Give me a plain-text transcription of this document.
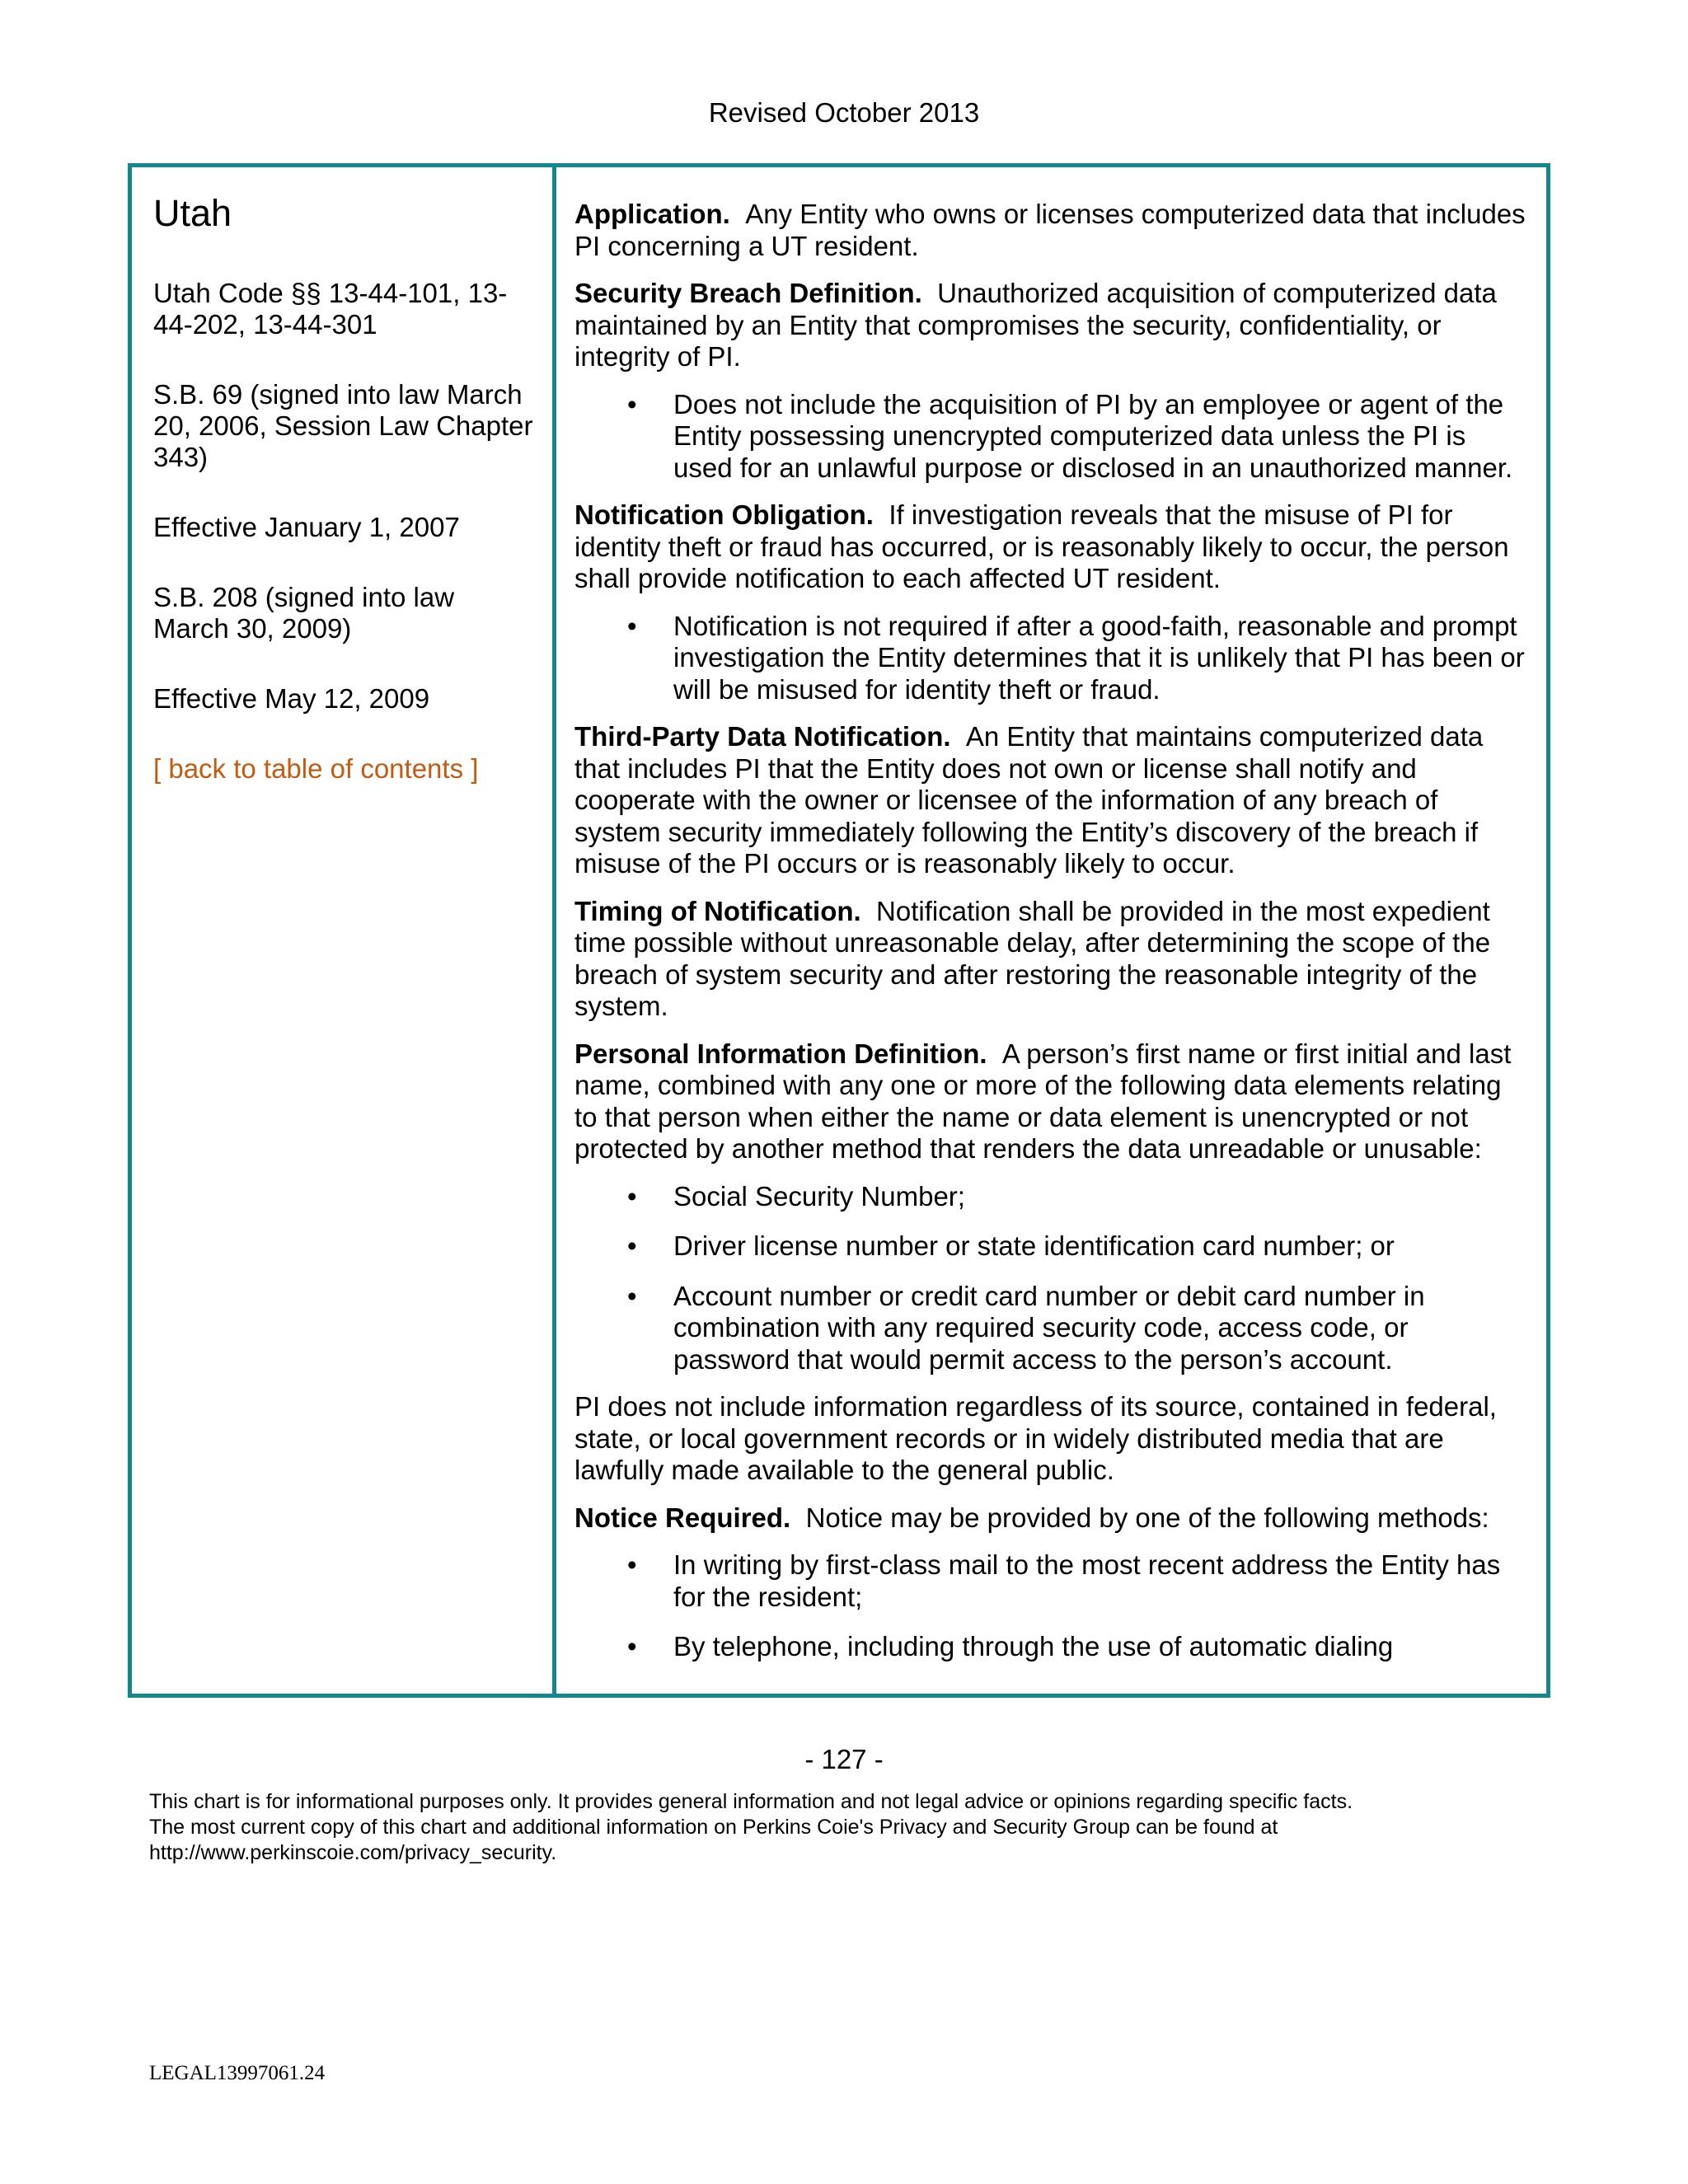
Revised October 2013
Utah
Utah Code §§ 13-44-101, 13-44-202, 13-44-301
S.B. 69 (signed into law March 20, 2006, Session Law Chapter 343)
Effective January 1, 2007
S.B. 208 (signed into law March 30, 2009)
Effective May 12, 2009
[ back to table of contents ]

Application. Any Entity who owns or licenses computerized data that includes PI concerning a UT resident.

Security Breach Definition. Unauthorized acquisition of computerized data maintained by an Entity that compromises the security, confidentiality, or integrity of PI.

• Does not include the acquisition of PI by an employee or agent of the Entity possessing unencrypted computerized data unless the PI is used for an unlawful purpose or disclosed in an unauthorized manner.

Notification Obligation. If investigation reveals that the misuse of PI for identity theft or fraud has occurred, or is reasonably likely to occur, the person shall provide notification to each affected UT resident.

• Notification is not required if after a good-faith, reasonable and prompt investigation the Entity determines that it is unlikely that PI has been or will be misused for identity theft or fraud.

Third-Party Data Notification. An Entity that maintains computerized data that includes PI that the Entity does not own or license shall notify and cooperate with the owner or licensee of the information of any breach of system security immediately following the Entity’s discovery of the breach if misuse of the PI occurs or is reasonably likely to occur.

Timing of Notification. Notification shall be provided in the most expedient time possible without unreasonable delay, after determining the scope of the breach of system security and after restoring the reasonable integrity of the system.

Personal Information Definition. A person’s first name or first initial and last name, combined with any one or more of the following data elements relating to that person when either the name or data element is unencrypted or not protected by another method that renders the data unreadable or unusable:

• Social Security Number;
• Driver license number or state identification card number; or
• Account number or credit card number or debit card number in combination with any required security code, access code, or password that would permit access to the person’s account.

PI does not include information regardless of its source, contained in federal, state, or local government records or in widely distributed media that are lawfully made available to the general public.

Notice Required. Notice may be provided by one of the following methods:

• In writing by first-class mail to the most recent address the Entity has for the resident;
• By telephone, including through the use of automatic dialing
- 127 -
This chart is for informational purposes only. It provides general information and not legal advice or opinions regarding specific facts.
The most current copy of this chart and additional information on Perkins Coie's Privacy and Security Group can be found at
http://www.perkinscoie.com/privacy_security.
LEGAL13997061.24
